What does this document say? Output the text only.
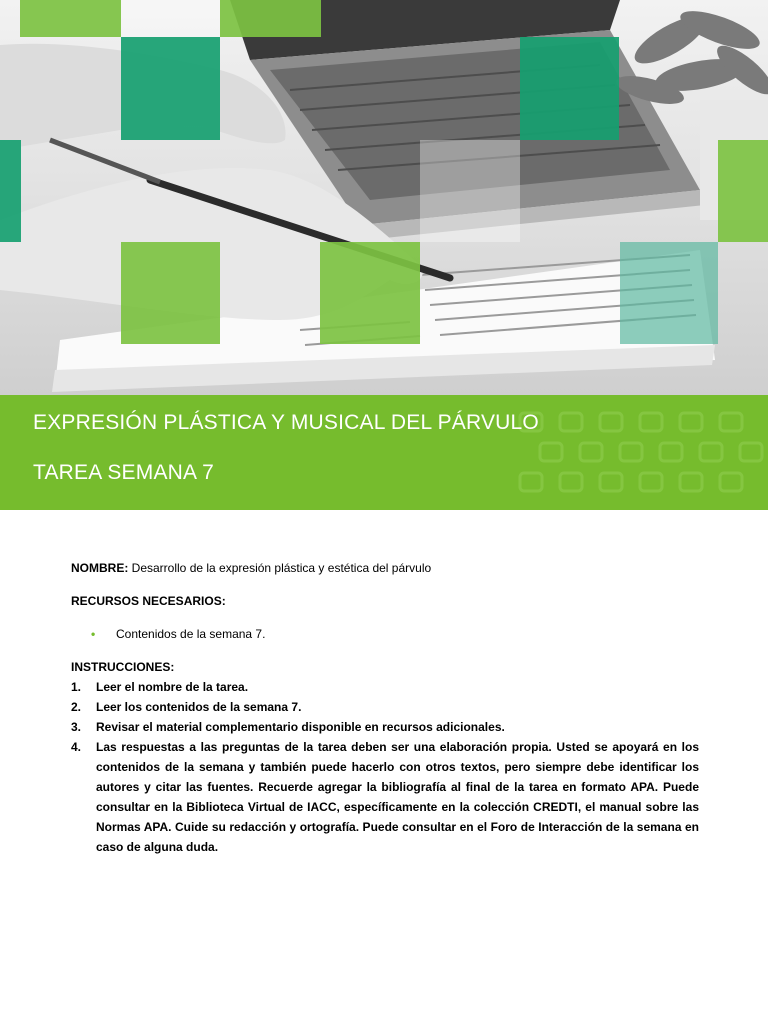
EXPRESIÓN PLÁSTICA Y MUSICAL DEL PÁRVULO
TAREA SEMANA 7

NOMBRE: Desarrollo de la expresión plástica y estética del párvulo

RECURSOS NECESARIOS:

• Contenidos de la semana 7.

INSTRUCCIONES:

1. Leer el nombre de la tarea.
2. Leer los contenidos de la semana 7.
3. Revisar el material complementario disponible en recursos adicionales.
4. Las respuestas a las preguntas de la tarea deben ser una elaboración propia. Usted se apoyará en los contenidos de la semana y también puede hacerlo con otros textos, pero siempre debe identificar los autores y citar las fuentes. Recuerde agregar la bibliografía al final de la tarea en formato APA. Puede consultar en la Biblioteca Virtual de IACC, específicamente en la colección CREDTI, el manual sobre las Normas APA. Cuide su redacción y ortografía. Puede consultar en el Foro de Interacción de la semana en caso de alguna duda.
